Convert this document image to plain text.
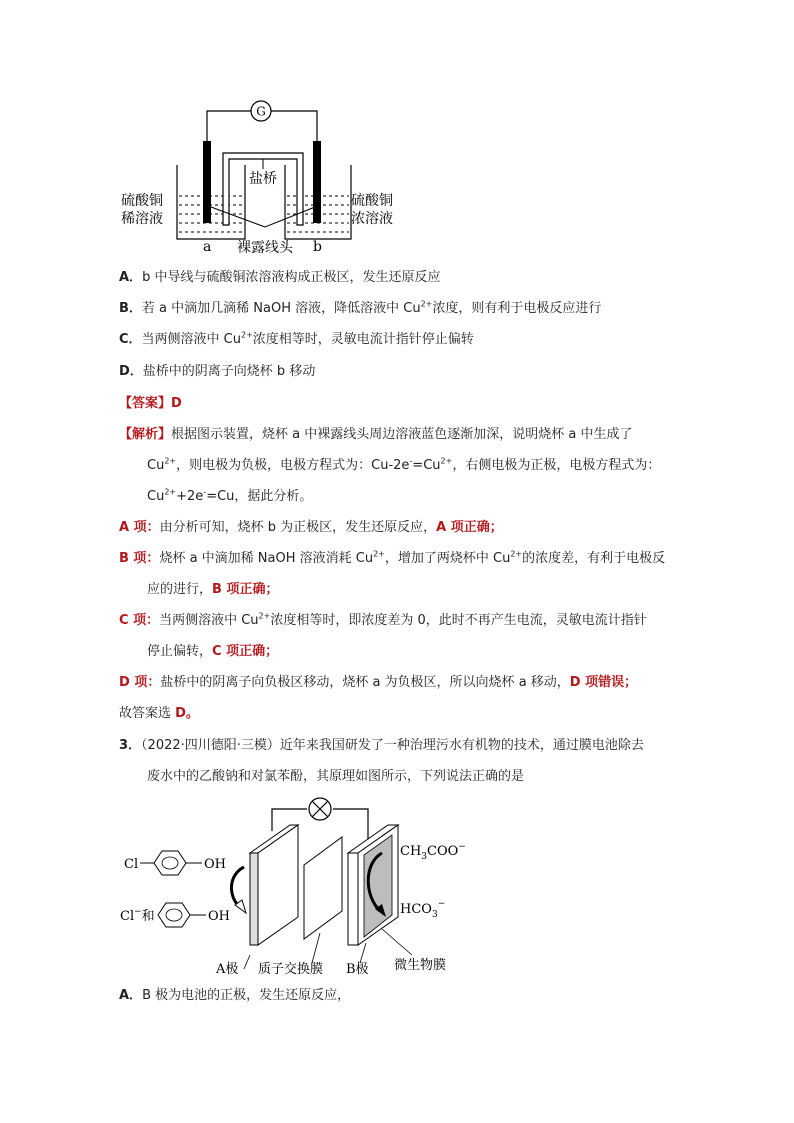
G
盐桥
硫酸铜
稀溶液
硫酸铜
浓溶液
a	b
裸露线头
A．b 中导线与硫酸铜浓溶液构成正极区，发生还原反应
B．若 a 中滴加几滴稀 NaOH 溶液，降低溶液中 $Cu^{2+}$浓度，则有利于电极反应进行
C．当两侧溶液中 $Cu^{2+}$浓度相等时，灵敏电流计指针停止偏转
D．盐桥中的阴离子向烧杯 b 移动
【答案】D
【解析】根据图示装置，烧杯 a 中裸露线头周边溶液蓝色逐渐加深，说明烧杯 a 中生成了
$Cu^{2+}$，则电极为负极，电极方程式为：$Cu-2e^-=Cu^{2+}$，右侧电极为正极，电极方程式为：
$Cu^{2+}+2e^-=Cu$，据此分析。
A 项：由分析可知，烧杯 b 为正极区，发生还原反应，A 项正确；
B 项：烧杯 a 中滴加稀 NaOH 溶液消耗 $Cu^{2+}$，增加了两烧杯中 $Cu^{2+}$的浓度差，有利于电极反
应的进行，B 项正确；
C 项：当两侧溶液中 $Cu^{2+}$浓度相等时，即浓度差为 0，此时不再产生电流，灵敏电流计指针
停止偏转，C 项正确；
D 项：盐桥中的阴离子向负极区移动，烧杯 a 为负极区，所以向烧杯 a 移动，D 项错误；
故答案选 D。
3．（2022·四川德阳·三模）近年来我国研发了一种治理污水有机物的技术，通过膜电池除去
废水中的乙酸钠和对氯苯酚，其原理如图所示，下列说法正确的是
Cl	OH
Cl−和	OH
$CH_3COO^-$
$HCO_3^-$
A极 质子交换膜 B极 微生物膜
A．B 极为电池的正极，发生还原反应，
